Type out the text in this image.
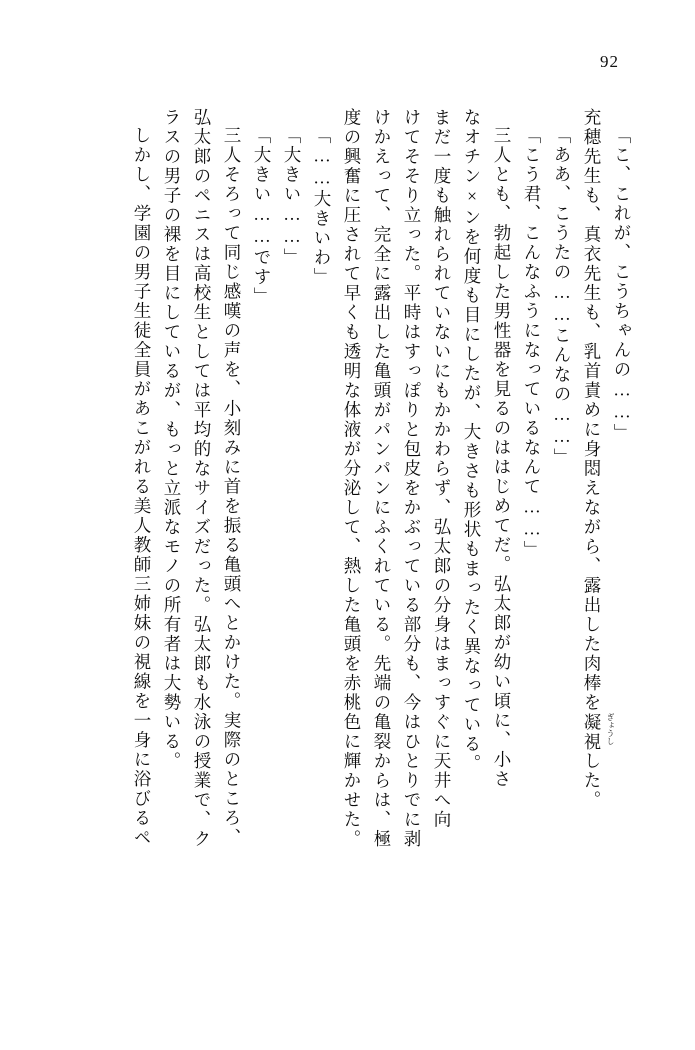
92
「こ、これが、こうちゃんの……」
充穂先生も、真衣先生も、乳首責めに身悶えながら、露出した肉棒を凝視 ぎょうし
した。
「ああ、こうたの……こんなの……」
「こう君、こんなふうになっているなんて……」
三人とも、勃起した男性器を見るのははじめてだ。弘太郎が幼い頃に、小さ
なオチン×ンを何度も目にしたが、大きさも形状もまったく異なっている。
まだ一度も触れられていないにもかかわらず、弘太郎の分身はまっすぐに天井へ向
けてそそり立った。平時はすっぽりと包皮をかぶっている部分も、今はひとりでに剥
けかえって、完全に露出した亀頭がパンパンにふくれている。先端の亀裂からは、極
度の興奮に圧されて早くも透明な体液が分泌して、熱した亀頭を赤桃色に輝かせた。
「……大きいわ」
「大きい……」
「大きい……です」
三人そろって同じ感嘆の声を、小刻みに首を振る亀頭へとかけた。実際のところ、
弘太郎のペニスは高校生としては平均的なサイズだった。弘太郎も水泳の授業で、ク
ラスの男子の裸を目にしているが、もっと立派なモノの所有者は大勢いる。
しかし、学園の男子生徒全員があこがれる美人教師三姉妹の視線を一身に浴びるペ
